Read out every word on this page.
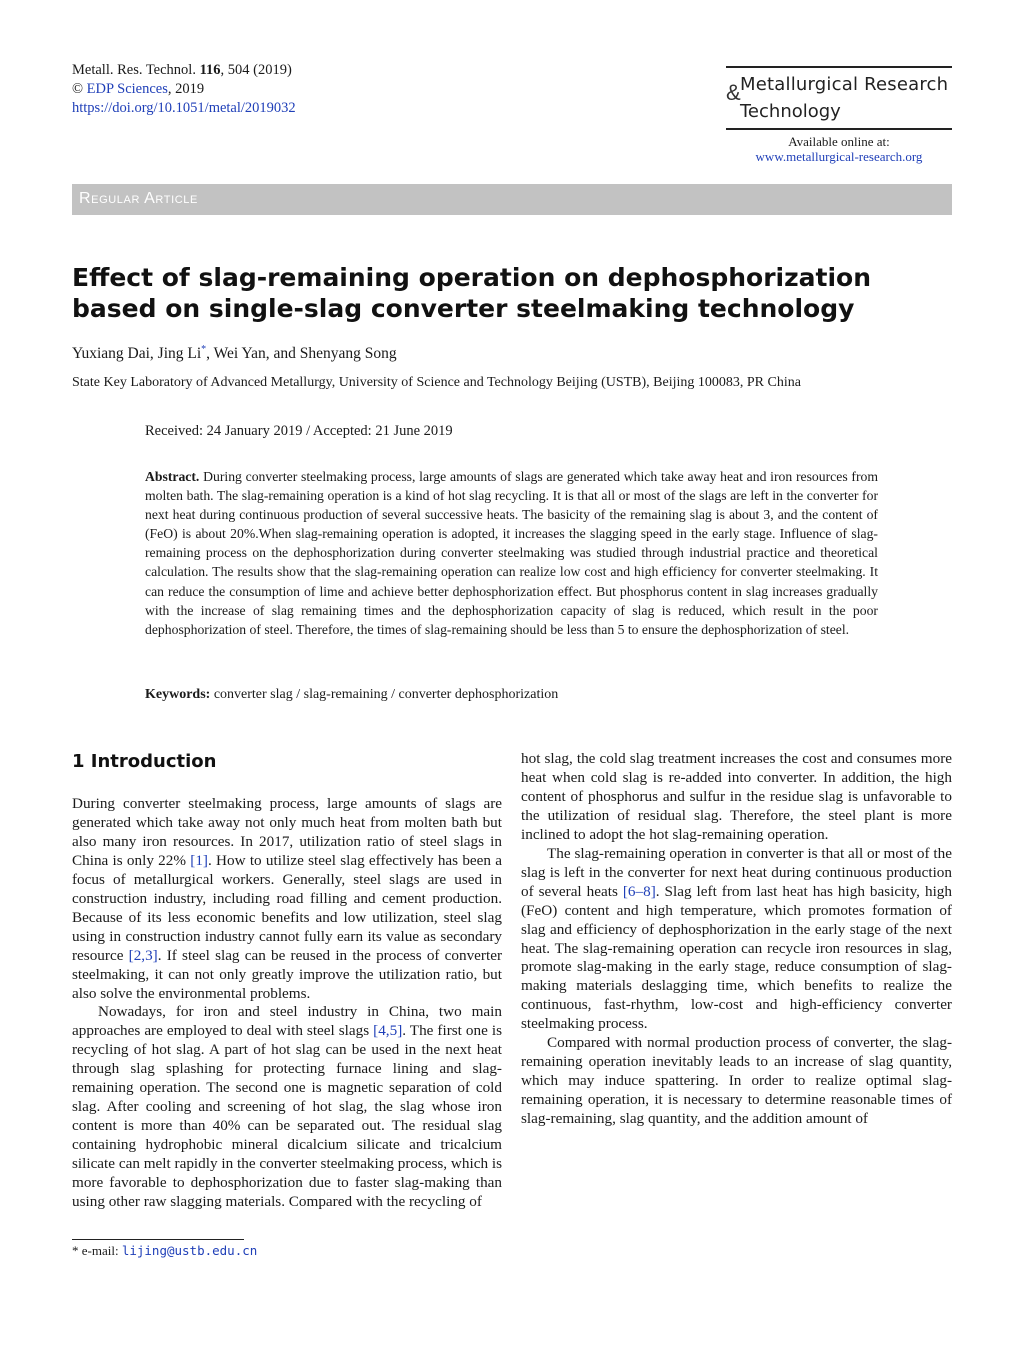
Metall. Res. Technol. 116, 504 (2019)
© EDP Sciences, 2019
https://doi.org/10.1051/metal/2019032
& Metallurgical Research
Technology
Available online at:
www.metallurgical-research.org
Regular Article
Effect of slag-remaining operation on dephosphorization based on single-slag converter steelmaking technology
Yuxiang Dai, Jing Li*, Wei Yan, and Shenyang Song
State Key Laboratory of Advanced Metallurgy, University of Science and Technology Beijing (USTB), Beijing 100083, PR China
Received: 24 January 2019 / Accepted: 21 June 2019
Abstract. During converter steelmaking process, large amounts of slags are generated which take away heat and iron resources from molten bath. The slag-remaining operation is a kind of hot slag recycling. It is that all or most of the slags are left in the converter for next heat during continuous production of several successive heats. The basicity of the remaining slag is about 3, and the content of (FeO) is about 20%.When slag-remaining operation is adopted, it increases the slagging speed in the early stage. Influence of slag-remaining process on the dephosphorization during converter steelmaking was studied through industrial practice and theoretical calculation. The results show that the slag-remaining operation can realize low cost and high efficiency for converter steelmaking. It can reduce the consumption of lime and achieve better dephosphorization effect. But phosphorus content in slag increases gradually with the increase of slag remaining times and the dephosphorization capacity of slag is reduced, which result in the poor dephosphorization of steel. Therefore, the times of slag-remaining should be less than 5 to ensure the dephosphorization of steel.
Keywords: converter slag / slag-remaining / converter dephosphorization
1 Introduction

During converter steelmaking process, large amounts of slags are generated which take away not only much heat from molten bath but also many iron resources. In 2017, utilization ratio of steel slags in China is only 22% [1]. How to utilize steel slag effectively has been a focus of metallurgical workers. Generally, steel slags are used in construction industry, including road filling and cement production. Because of its less economic benefits and low utilization, steel slag using in construction industry cannot fully earn its value as secondary resource [2,3]. If steel slag can be reused in the process of converter steelmaking, it can not only greatly improve the utilization ratio, but also solve the environmental problems.

Nowadays, for iron and steel industry in China, two main approaches are employed to deal with steel slags [4,5]. The first one is recycling of hot slag. A part of hot slag can be used in the next heat through slag splashing for protecting furnace lining and slag-remaining operation. The second one is magnetic separation of cold slag. After cooling and screening of hot slag, the slag whose iron content is more than 40% can be separated out. The residual slag containing hydrophobic mineral dicalcium silicate and tricalcium silicate can melt rapidly in the converter steelmaking process, which is more favorable to dephosphorization due to faster slag-making than using other raw slagging materials. Compared with the recycling of

hot slag, the cold slag treatment increases the cost and consumes more heat when cold slag is re-added into converter. In addition, the high content of phosphorus and sulfur in the residue slag is unfavorable to the utilization of residual slag. Therefore, the steel plant is more inclined to adopt the hot slag-remaining operation.

The slag-remaining operation in converter is that all or most of the slag is left in the converter for next heat during continuous production of several heats [6–8]. Slag left from last heat has high basicity, high (FeO) content and high temperature, which promotes formation of slag and efficiency of dephosphorization in the early stage of the next heat. The slag-remaining operation can recycle iron resources in slag, promote slag-making in the early stage, reduce consumption of slag-making materials deslagging time, which benefits to realize the continuous, fast-rhythm, low-cost and high-efficiency converter steelmaking process.

Compared with normal production process of converter, the slag-remaining operation inevitably leads to an increase of slag quantity, which may induce spattering. In order to realize optimal slag-remaining operation, it is necessary to determine reasonable times of slag-remaining, slag quantity, and the addition amount of

* e-mail: lijing@ustb.edu.cn
